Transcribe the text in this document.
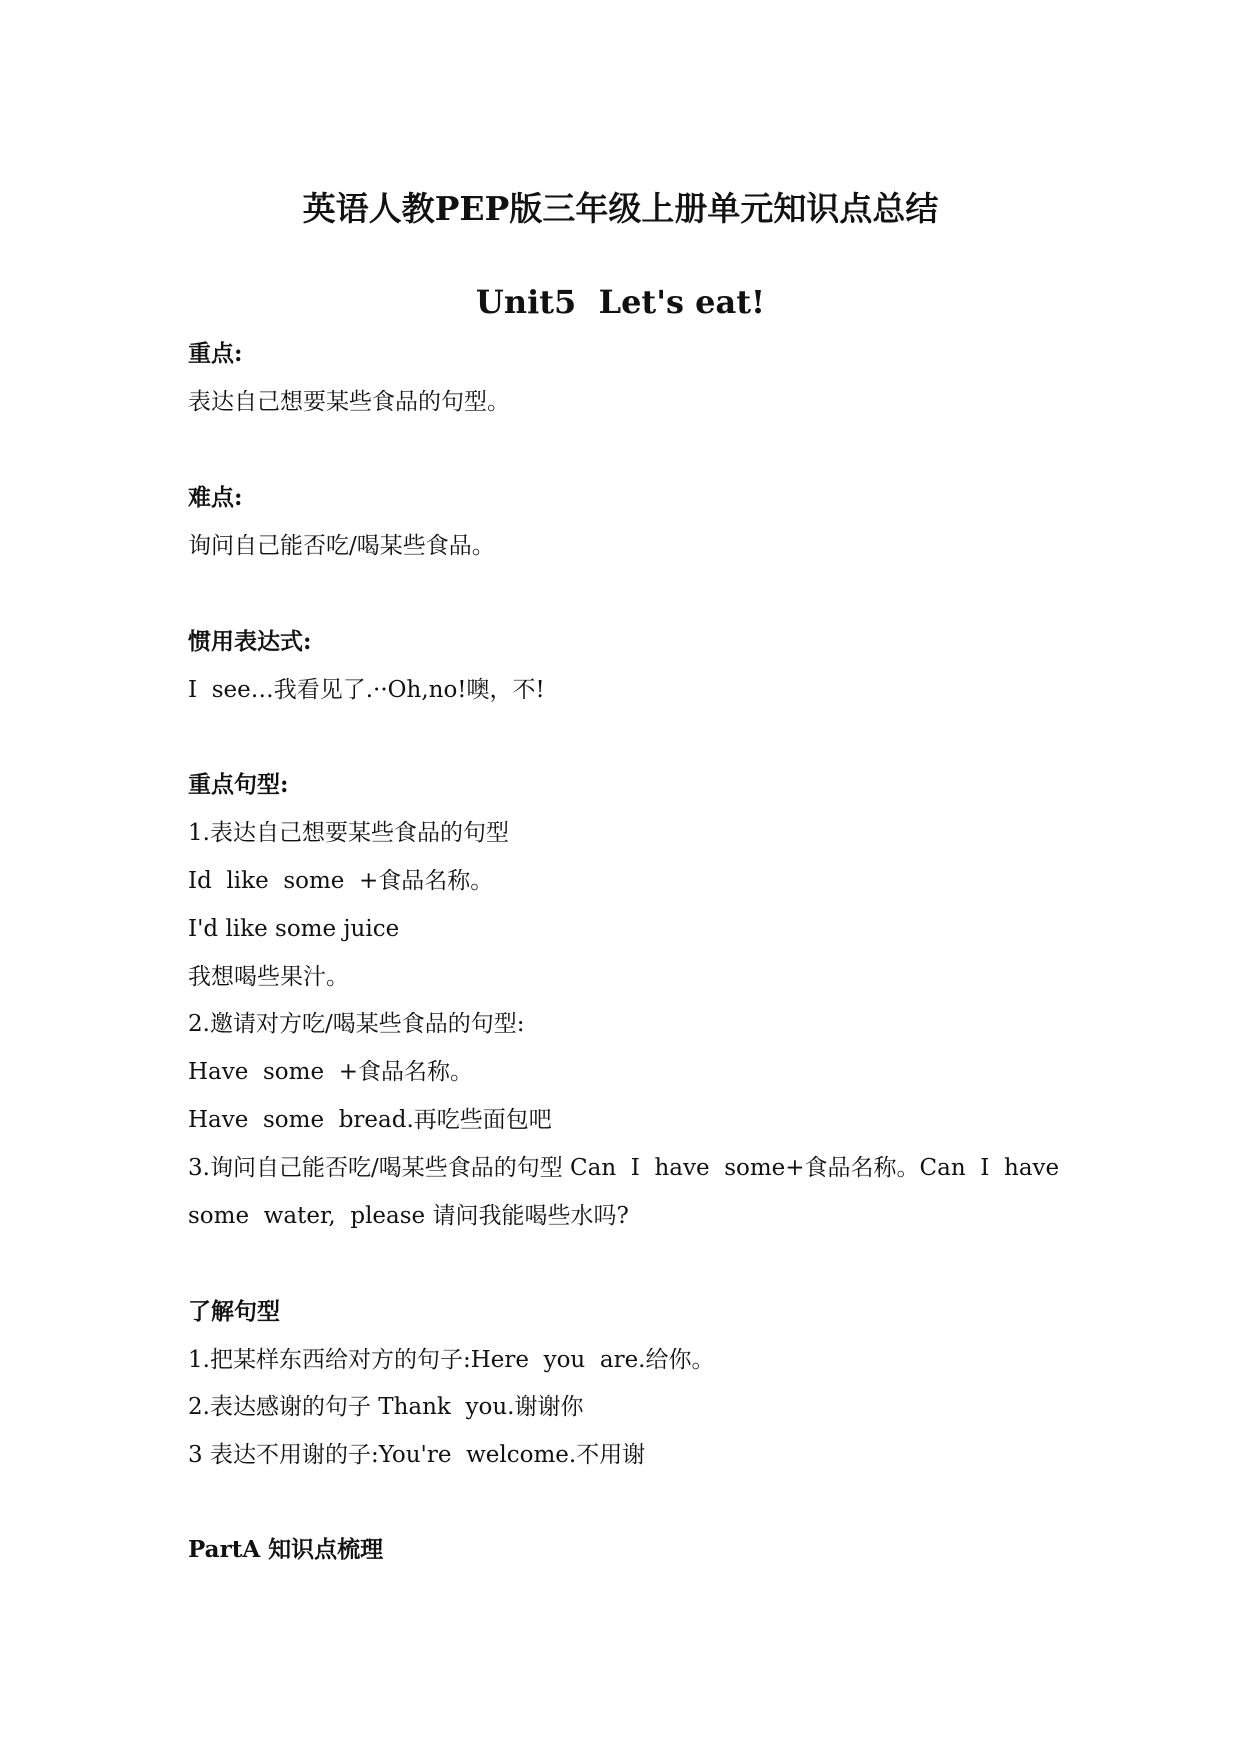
英语人教PEP版三年级上册单元知识点总结
Unit5  Let's eat!
重点:
表达自己想要某些食品的句型。
难点:
询问自己能否吃/喝某些食品。
惯用表达式:
I  see…我看见了.··Oh,no!噢，不!
重点句型:
1.表达自己想要某些食品的句型
Id  like  some  +食品名称。
I'd like some juice
我想喝些果汁。
2.邀请对方吃/喝某些食品的句型:
Have  some  +食品名称。
Have  some  bread.再吃些面包吧
3.询问自己能否吃/喝某些食品的句型 Can  I  have  some+食品名称。Can  I  have
some  water,  please 请问我能喝些水吗?
了解句型
1.把某样东西给对方的句子:Here  you  are.给你。
2.表达感谢的句子 Thank  you.谢谢你
3 表达不用谢的子:You're  welcome.不用谢
PartA 知识点梳理
